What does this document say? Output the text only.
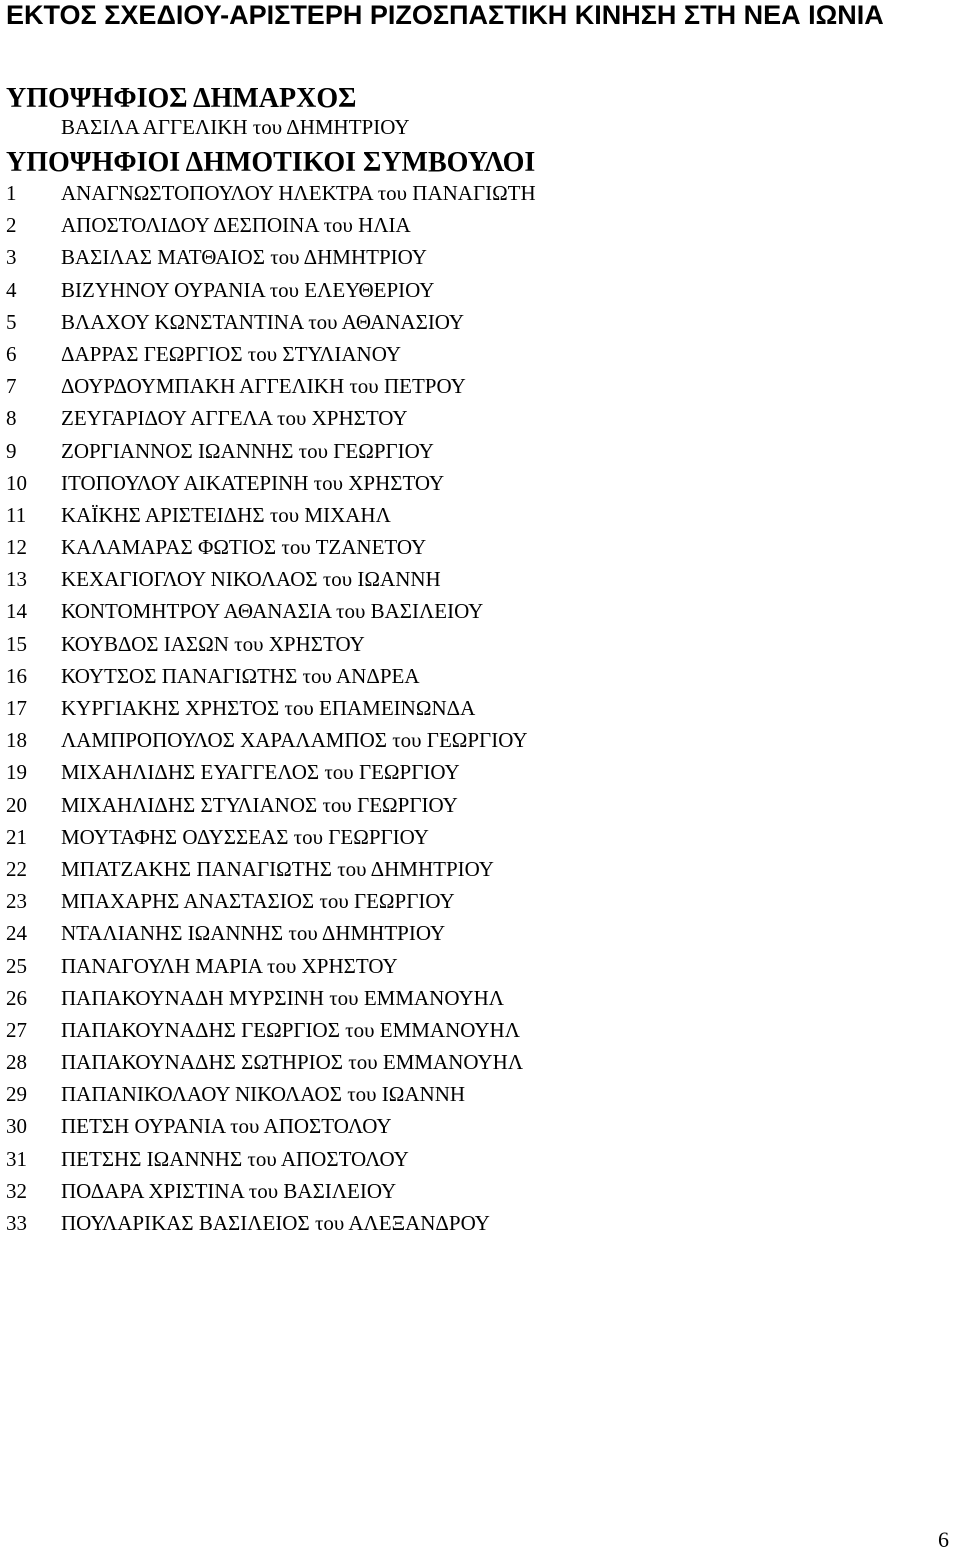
ΕΚΤΟΣ ΣΧΕΔΙΟΥ-ΑΡΙΣΤΕΡΗ ΡΙΖΟΣΠΑΣΤΙΚΗ ΚΙΝΗΣΗ ΣΤΗ ΝΕΑ ΙΩΝΙΑ
ΥΠΟΨΗΦΙΟΣ ΔΗΜΑΡΧΟΣ
ΒΑΣΙΛΑ ΑΓΓΕΛΙΚΗ του ΔΗΜΗΤΡΙΟΥ
ΥΠΟΨΗΦΙΟΙ ΔΗΜΟΤΙΚΟΙ ΣΥΜΒΟΥΛΟΙ
1 ΑΝΑΓΝΩΣΤΟΠΟΥΛΟΥ ΗΛΕΚΤΡΑ του ΠΑΝΑΓΙΩΤΗ
2 ΑΠΟΣΤΟΛΙΔΟΥ ΔΕΣΠΟΙΝΑ του ΗΛΙΑ
3 ΒΑΣΙΛΑΣ ΜΑΤΘΑΙΟΣ του ΔΗΜΗΤΡΙΟΥ
4 ΒΙΖΥΗΝΟΥ ΟΥΡΑΝΙΑ του ΕΛΕΥΘΕΡΙΟΥ
5 ΒΛΑΧΟΥ ΚΩΝΣΤΑΝΤΙΝΑ του ΑΘΑΝΑΣΙΟΥ
6 ΔΑΡΡΑΣ ΓΕΩΡΓΙΟΣ του ΣΤΥΛΙΑΝΟΥ
7 ΔΟΥΡΔΟΥΜΠΑΚΗ ΑΓΓΕΛΙΚΗ του ΠΕΤΡΟΥ
8 ΖΕΥΓΑΡΙΔΟΥ ΑΓΓΕΛΑ του ΧΡΗΣΤΟΥ
9 ΖΟΡΓΙΑΝΝΟΣ ΙΩΑΝΝΗΣ του ΓΕΩΡΓΙΟΥ
10 ΙΤΟΠΟΥΛΟΥ ΑΙΚΑΤΕΡΙΝΗ του ΧΡΗΣΤΟΥ
11 ΚΑΪΚΗΣ ΑΡΙΣΤΕΙΔΗΣ του ΜΙΧΑΗΛ
12 ΚΑΛΑΜΑΡΑΣ ΦΩΤΙΟΣ του ΤΖΑΝΕΤΟΥ
13 ΚΕΧΑΓΙΟΓΛΟΥ ΝΙΚΟΛΑΟΣ του ΙΩΑΝΝΗ
14 ΚΟΝΤΟΜΗΤΡΟΥ ΑΘΑΝΑΣΙΑ του ΒΑΣΙΛΕΙΟΥ
15 ΚΟΥΒΔΟΣ ΙΑΣΩΝ του ΧΡΗΣΤΟΥ
16 ΚΟΥΤΣΟΣ ΠΑΝΑΓΙΩΤΗΣ του ΑΝΔΡΕΑ
17 ΚΥΡΓΙΑΚΗΣ ΧΡΗΣΤΟΣ του ΕΠΑΜΕΙΝΩΝΔΑ
18 ΛΑΜΠΡΟΠΟΥΛΟΣ ΧΑΡΑΛΑΜΠΟΣ του ΓΕΩΡΓΙΟΥ
19 ΜΙΧΑΗΛΙΔΗΣ ΕΥΑΓΓΕΛΟΣ του ΓΕΩΡΓΙΟΥ
20 ΜΙΧΑΗΛΙΔΗΣ ΣΤΥΛΙΑΝΟΣ του ΓΕΩΡΓΙΟΥ
21 ΜΟΥΤΑΦΗΣ ΟΔΥΣΣΕΑΣ του ΓΕΩΡΓΙΟΥ
22 ΜΠΑΤΖΑΚΗΣ ΠΑΝΑΓΙΩΤΗΣ του ΔΗΜΗΤΡΙΟΥ
23 ΜΠΑΧΑΡΗΣ ΑΝΑΣΤΑΣΙΟΣ του ΓΕΩΡΓΙΟΥ
24 ΝΤΑΛΙΑΝΗΣ ΙΩΑΝΝΗΣ του ΔΗΜΗΤΡΙΟΥ
25 ΠΑΝΑΓΟΥΛΗ ΜΑΡΙΑ του ΧΡΗΣΤΟΥ
26 ΠΑΠΑΚΟΥΝΑΔΗ ΜΥΡΣΙΝΗ του ΕΜΜΑΝΟΥΗΛ
27 ΠΑΠΑΚΟΥΝΑΔΗΣ ΓΕΩΡΓΙΟΣ του ΕΜΜΑΝΟΥΗΛ
28 ΠΑΠΑΚΟΥΝΑΔΗΣ ΣΩΤΗΡΙΟΣ του ΕΜΜΑΝΟΥΗΛ
29 ΠΑΠΑΝΙΚΟΛΑΟΥ ΝΙΚΟΛΑΟΣ του ΙΩΑΝΝΗ
30 ΠΕΤΣΗ ΟΥΡΑΝΙΑ του ΑΠΟΣΤΟΛΟΥ
31 ΠΕΤΣΗΣ ΙΩΑΝΝΗΣ του ΑΠΟΣΤΟΛΟΥ
32 ΠΟΔΑΡΑ ΧΡΙΣΤΙΝΑ του ΒΑΣΙΛΕΙΟΥ
33 ΠΟΥΛΑΡΙΚΑΣ ΒΑΣΙΛΕΙΟΣ του ΑΛΕΞΑΝΔΡΟΥ
6
